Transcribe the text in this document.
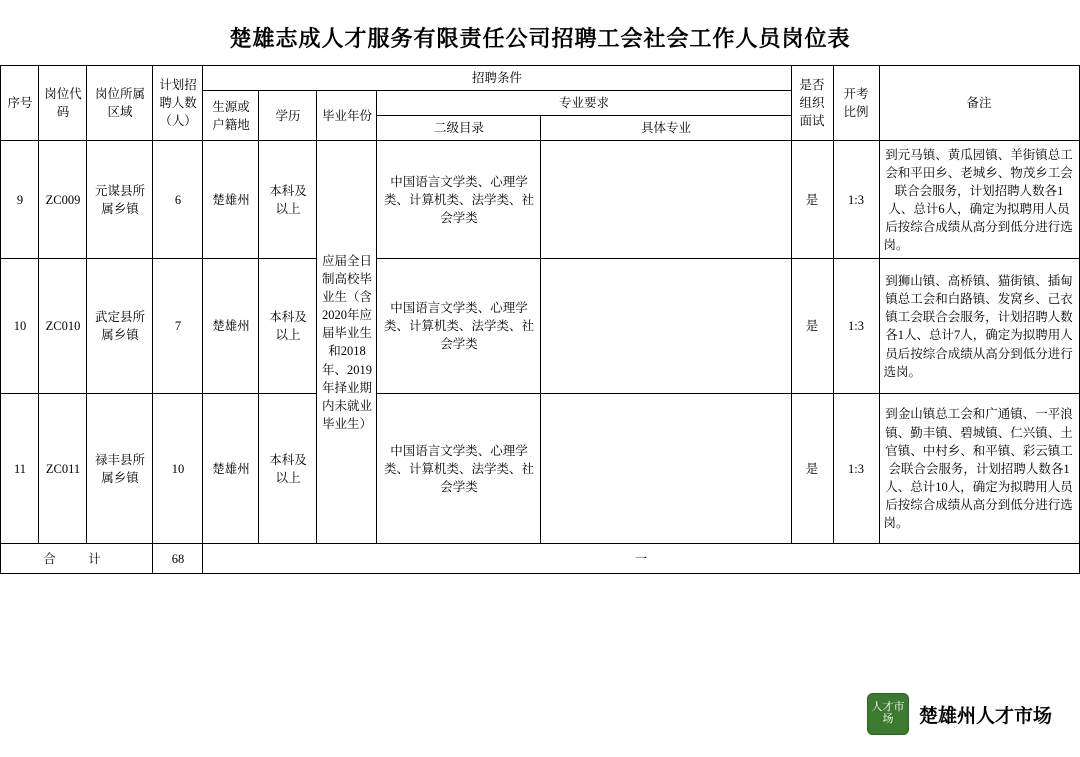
楚雄志成人才服务有限责任公司招聘工会社会工作人员岗位表
序号	岗位代码	岗位所属区域	计划招聘人数（人）	招聘条件					是否组织面试	开考比例	备注
				生源或户籍地	学历	毕业年份	专业要求				
							二级目录	具体专业			
9	ZC009	元谋县所属乡镇	6	楚雄州	本科及以上	应届全日制高校毕业生（含2020年应届毕业生和2018年、2019年择业期内未就业毕业生）	中国语言文学类、心理学类、计算机类、法学类、社会学类		是	1:3	到元马镇、黄瓜园镇、羊街镇总工会和平田乡、老城乡、物茂乡工会联合会服务，计划招聘人数各1人、总计6人，确定为拟聘用人员后按综合成绩从高分到低分进行选岗。
10	ZC010	武定县所属乡镇	7	楚雄州	本科及以上		中国语言文学类、心理学类、计算机类、法学类、社会学类		是	1:3	到狮山镇、高桥镇、猫街镇、插甸镇总工会和白路镇、发窝乡、己衣镇工会联合会服务，计划招聘人数各1人、总计7人，确定为拟聘用人员后按综合成绩从高分到低分进行选岗。
11	ZC011	禄丰县所属乡镇	10	楚雄州	本科及以上		中国语言文学类、心理学类、计算机类、法学类、社会学类		是	1:3	到金山镇总工会和广通镇、一平浪镇、勤丰镇、碧城镇、仁兴镇、土官镇、中村乡、和平镇、彩云镇工会联合会服务，计划招聘人数各1人、总计10人，确定为拟聘用人员后按综合成绩从高分到低分进行选岗。
合　计			68	一							
人才市场	楚雄州人才市场
